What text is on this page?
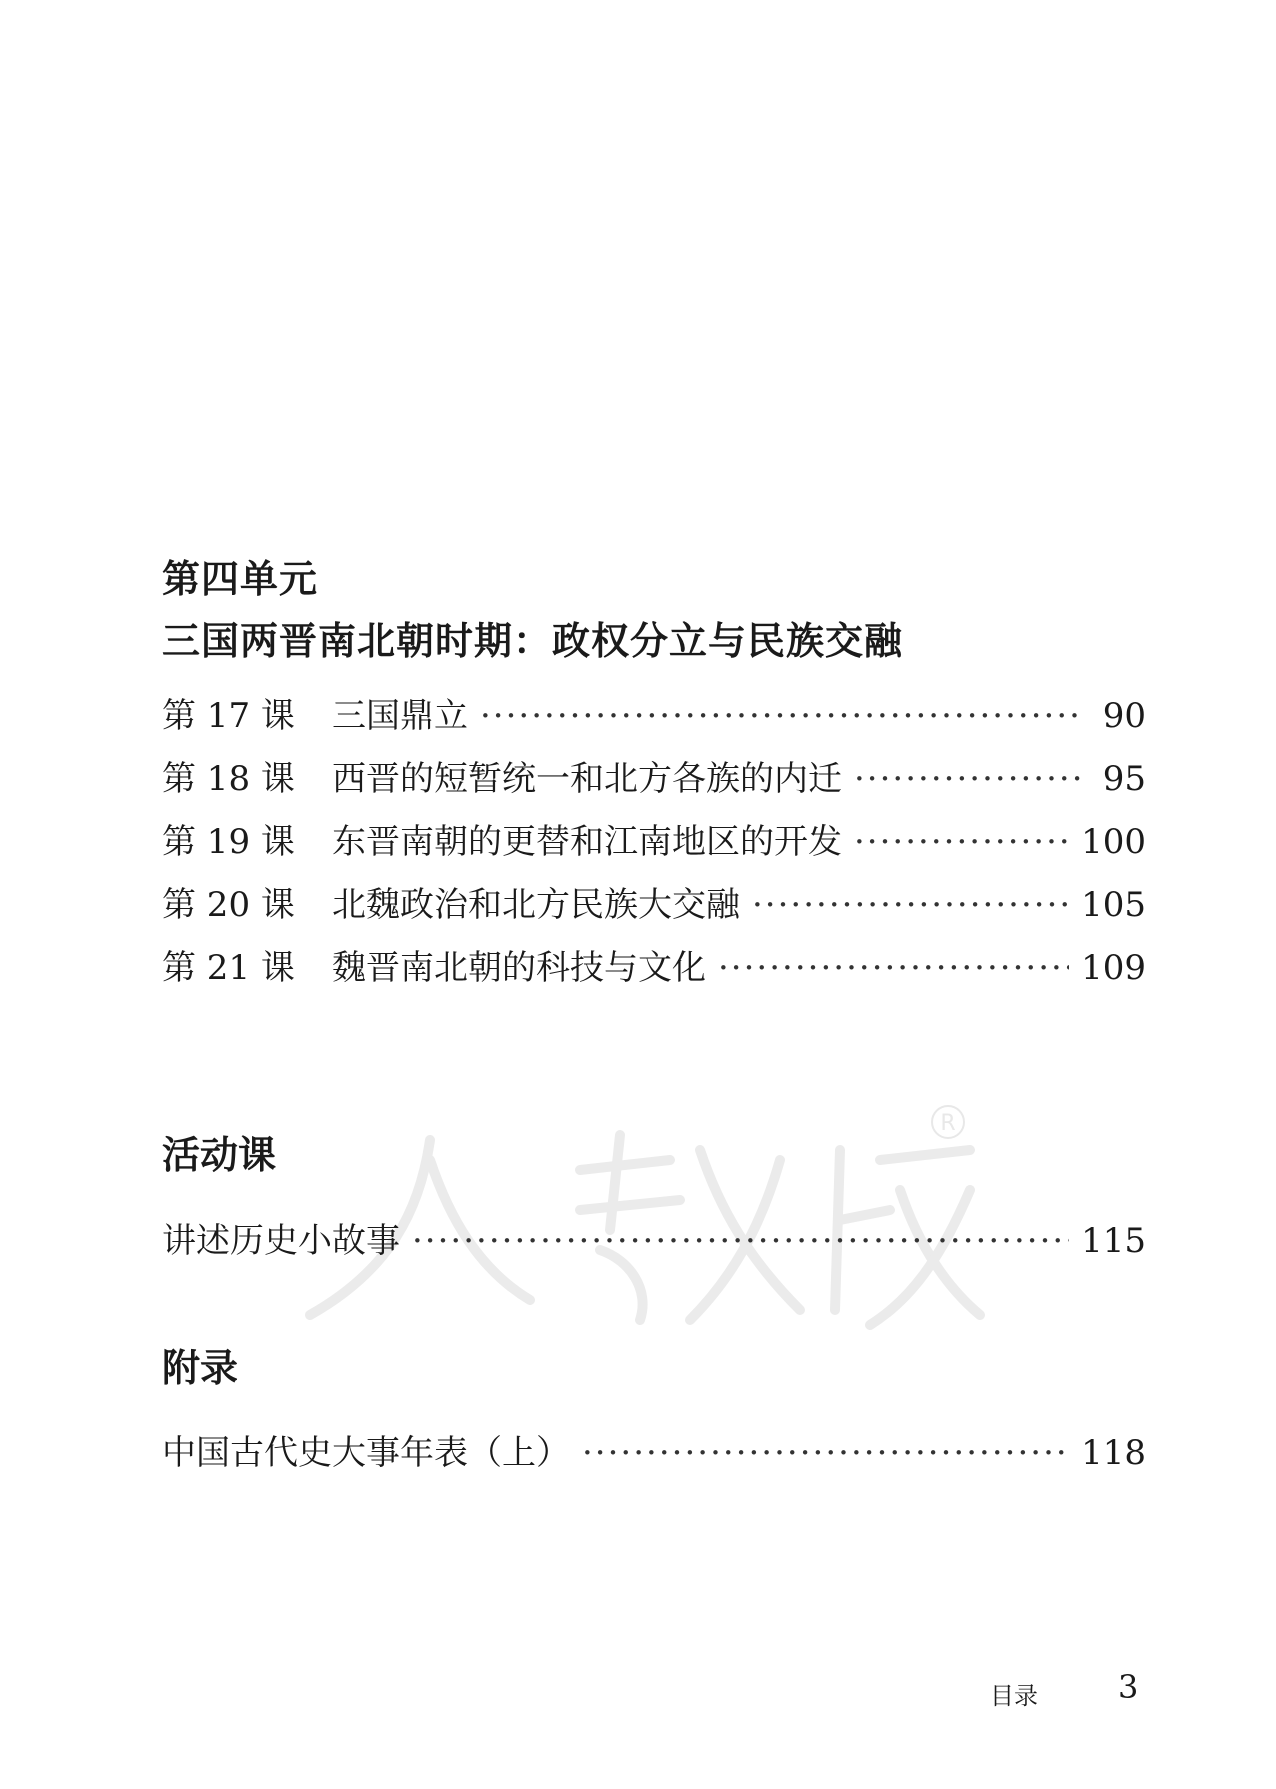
R
第四单元
三国两晋南北朝时期：政权分立与民族交融
第 17 课	三国鼎立 ·····	90
第 18 课	西晋的短暂统一和北方各族的内迁 ·····	95
第 19 课	东晋南朝的更替和江南地区的开发 ·····	100
第 20 课	北魏政治和北方民族大交融 ·····	105
第 21 课	魏晋南北朝的科技与文化 ·····	109
活动课
讲述历史小故事 ·····	115
附录
中国古代史大事年表（上） ·····	118
目录	3
